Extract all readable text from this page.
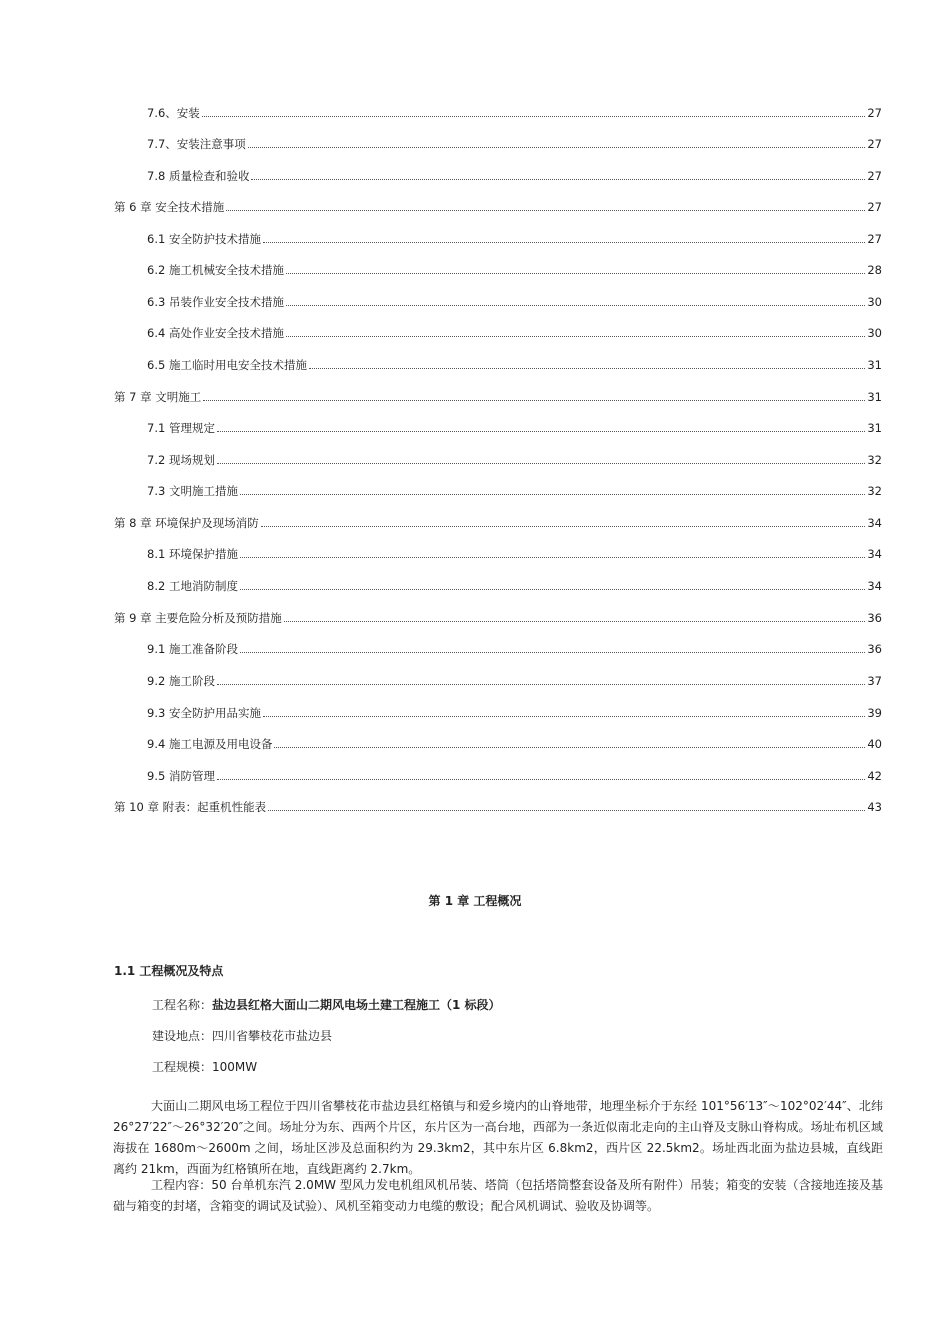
7.6、安装	27
7.7、安装注意事项	27
7.8 质量检查和验收	27
第 6 章 安全技术措施	27
6.1 安全防护技术措施	27
6.2 施工机械安全技术措施	28
6.3 吊装作业安全技术措施	30
6.4 高处作业安全技术措施	30
6.5 施工临时用电安全技术措施	31
第 7 章 文明施工	31
7.1 管理规定	31
7.2 现场规划	32
7.3 文明施工措施	32
第 8 章 环境保护及现场消防	34
8.1 环境保护措施	34
8.2 工地消防制度	34
第 9 章 主要危险分析及预防措施	36
9.1 施工准备阶段	36
9.2 施工阶段	37
9.3 安全防护用品实施	39
9.4 施工电源及用电设备	40
9.5 消防管理	42
第 10 章 附表：起重机性能表	43
第 1 章 工程概况
1.1 工程概况及特点
工程名称：盐边县红格大面山二期风电场土建工程施工（1 标段）
建设地点：四川省攀枝花市盐边县
工程规模：100MW

大面山二期风电场工程位于四川省攀枝花市盐边县红格镇与和爱乡境内的山脊地带，地理坐标介于东经 101°56′13″～102°02′44″、北纬 26°27′22″～26°32′20″之间。场址分为东、西两个片区，东片区为一高台地，西部为一条近似南北走向的主山脊及支脉山脊构成。场址布机区域海拔在 1680m～2600m 之间，场址区涉及总面积约为 29.3km2，其中东片区 6.8km2，西片区 22.5km2。场址西北面为盐边县城，直线距离约 21km，西面为红格镇所在地，直线距离约 2.7km。

工程内容：50 台单机东汽 2.0MW 型风力发电机组风机吊装、塔筒（包括塔筒整套设备及所有附件）吊装；箱变的安装（含接地连接及基础与箱变的封堵，含箱变的调试及试验）、风机至箱变动力电缆的敷设；配合风机调试、验收及协调等。
